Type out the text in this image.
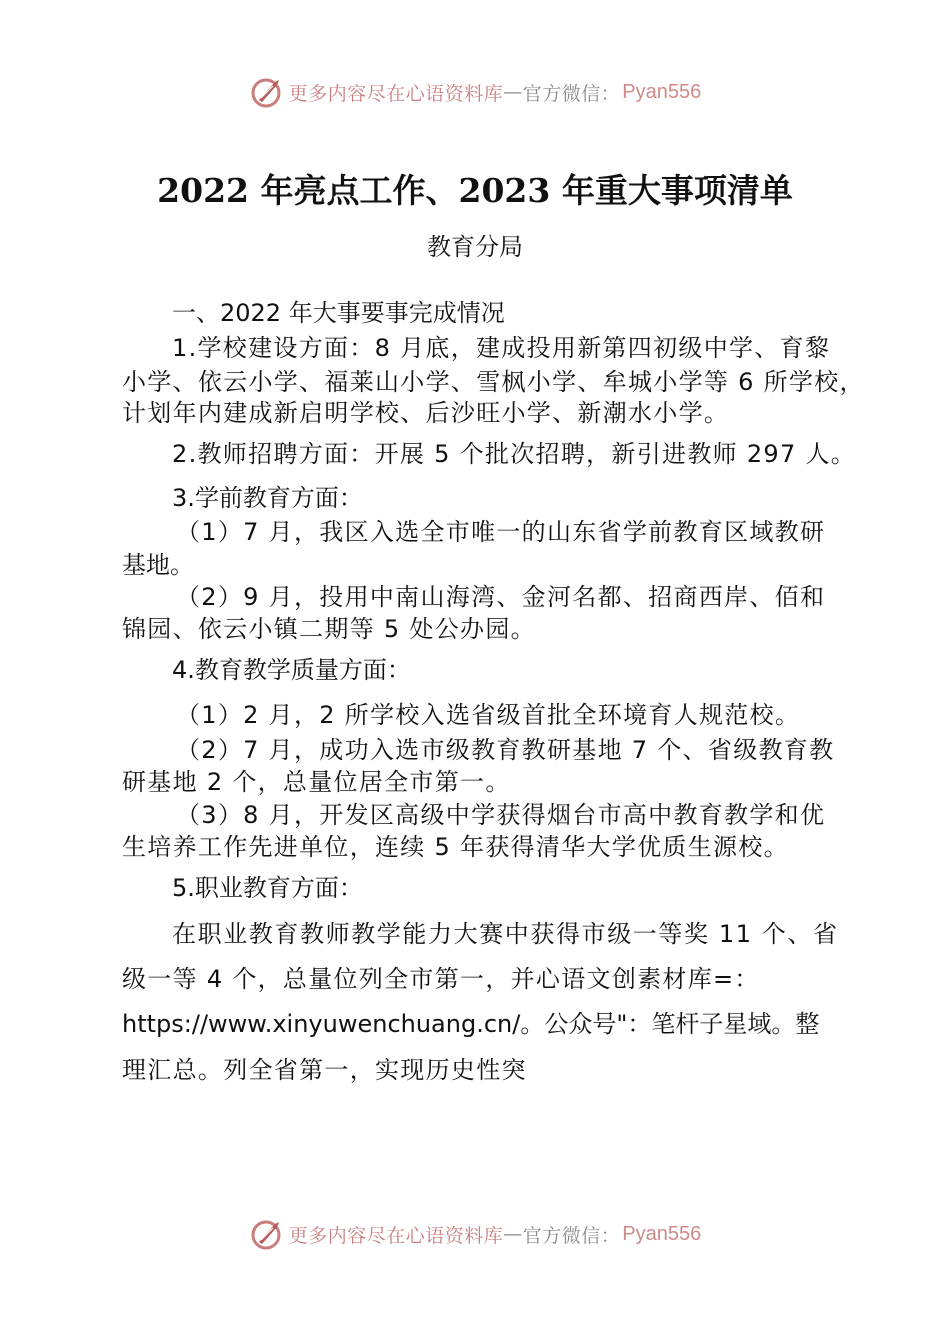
更多内容尽在心语资料库 — 官方微信： Pyan556
2022 年亮点工作、2023 年重大事项清单
教育分局
一、2022 年大事要事完成情况
1.学校建设方面：8 月底，建成投用新第四初级中学、育黎
小学、依云小学、福莱山小学、雪枫小学、牟城小学等 6 所学校，
计划年内建成新启明学校、后沙旺小学、新潮水小学。
2.教师招聘方面：开展 5 个批次招聘，新引进教师 297 人。
3.学前教育方面：
（1）7 月，我区入选全市唯一的山东省学前教育区域教研
基地。
（2）9 月，投用中南山海湾、金河名都、招商西岸、佰和
锦园、依云小镇二期等 5 处公办园。
4.教育教学质量方面：
（1）2 月，2 所学校入选省级首批全环境育人规范校。
（2）7 月，成功入选市级教育教研基地 7 个、省级教育教
研基地 2 个，总量位居全市第一。
（3）8 月，开发区高级中学获得烟台市高中教育教学和优
生培养工作先进单位，连续 5 年获得清华大学优质生源校。
5.职业教育方面：
在职业教育教师教学能力大赛中获得市级一等奖 11 个、省
级一等 4 个，总量位列全市第一，并心语文创素材库=：
https://www.xinyuwenchuang.cn/。公众号"：笔杆子星域。整
理汇总。列全省第一，实现历史性突
更多内容尽在心语资料库 — 官方微信： Pyan556
